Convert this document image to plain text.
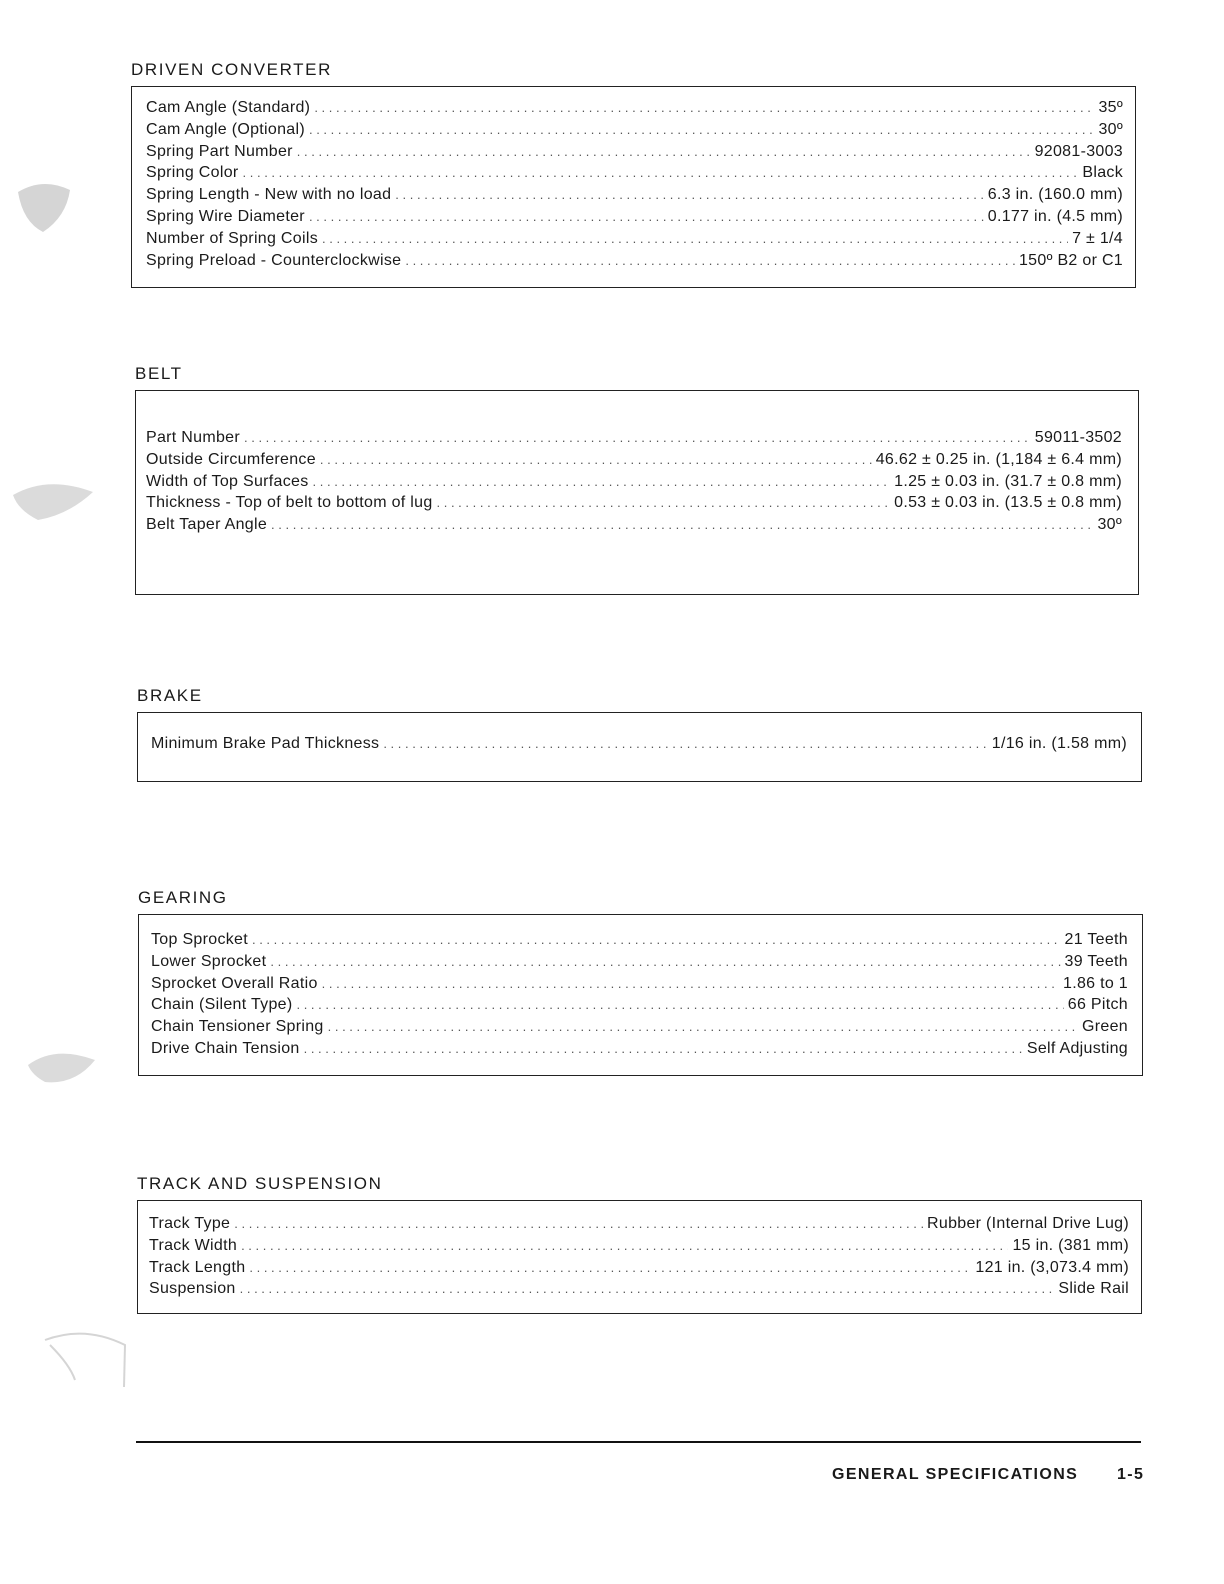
DRIVEN CONVERTER
Cam Angle (Standard) . . .	35º
Cam Angle (Optional) . . .	30º
Spring Part Number . . .	92081-3003
Spring Color . . .	Black
Spring Length - New with no load . . .	6.3 in. (160.0 mm)
Spring Wire Diameter . . .	0.177 in. (4.5 mm)
Number of Spring Coils . . .	7 ± 1/4
Spring Preload - Counterclockwise . . .	150º B2 or C1
BELT
Part Number . . .	59011-3502
Outside Circumference . . .	46.62 ± 0.25 in. (1,184 ± 6.4 mm)
Width of Top Surfaces . . .	1.25 ± 0.03 in. (31.7 ± 0.8 mm)
Thickness - Top of belt to bottom of lug . . .	0.53 ± 0.03 in. (13.5 ± 0.8 mm)
Belt Taper Angle . . .	30º
BRAKE
Minimum Brake Pad Thickness . . .	1/16 in. (1.58 mm)
GEARING
Top Sprocket . . .	21 Teeth
Lower Sprocket . . .	39 Teeth
Sprocket Overall Ratio . . .	1.86 to 1
Chain (Silent Type) . . .	66 Pitch
Chain Tensioner Spring . . .	Green
Drive Chain Tension . . .	Self Adjusting
TRACK AND SUSPENSION
Track Type . . .	Rubber (Internal Drive Lug)
Track Width . . .	15 in. (381 mm)
Track Length . . .	121 in. (3,073.4 mm)
Suspension . . .	Slide Rail
GENERAL SPECIFICATIONS 1-5
